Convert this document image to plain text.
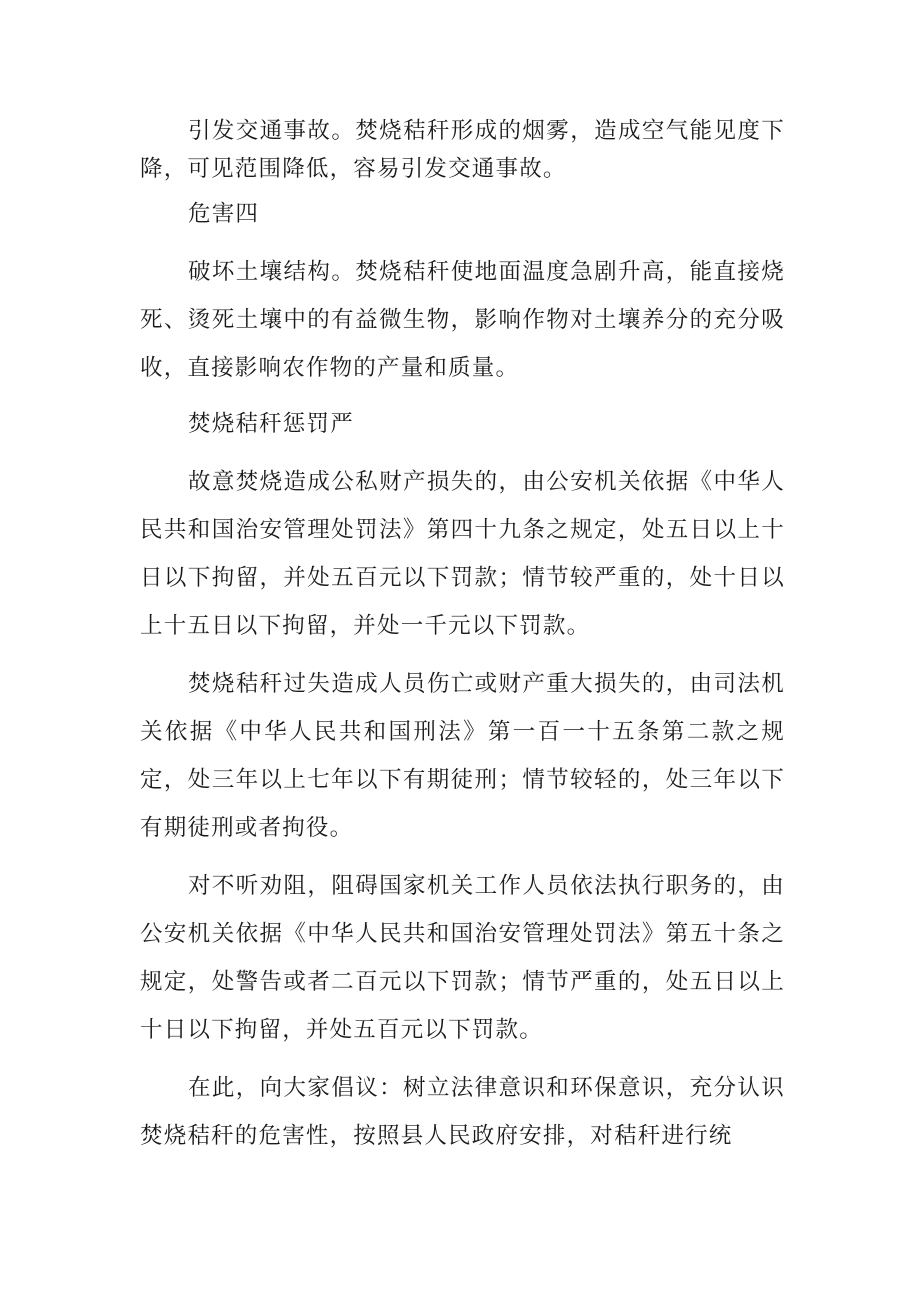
引发交通事故。焚烧秸秆形成的烟雾，造成空气能见度下降，可见范围降低，容易引发交通事故。

危害四

破坏土壤结构。焚烧秸秆使地面温度急剧升高，能直接烧死、烫死土壤中的有益微生物，影响作物对土壤养分的充分吸收，直接影响农作物的产量和质量。

焚烧秸秆惩罚严

故意焚烧造成公私财产损失的，由公安机关依据《中华人民共和国治安管理处罚法》第四十九条之规定，处五日以上十日以下拘留，并处五百元以下罚款；情节较严重的，处十日以上十五日以下拘留，并处一千元以下罚款。

焚烧秸秆过失造成人员伤亡或财产重大损失的，由司法机关依据《中华人民共和国刑法》第一百一十五条第二款之规定，处三年以上七年以下有期徒刑；情节较轻的，处三年以下有期徒刑或者拘役。

对不听劝阻，阻碍国家机关工作人员依法执行职务的，由公安机关依据《中华人民共和国治安管理处罚法》第五十条之规定，处警告或者二百元以下罚款；情节严重的，处五日以上十日以下拘留，并处五百元以下罚款。

在此，向大家倡议：树立法律意识和环保意识，充分认识焚烧秸秆的危害性，按照县人民政府安排，对秸秆进行统
